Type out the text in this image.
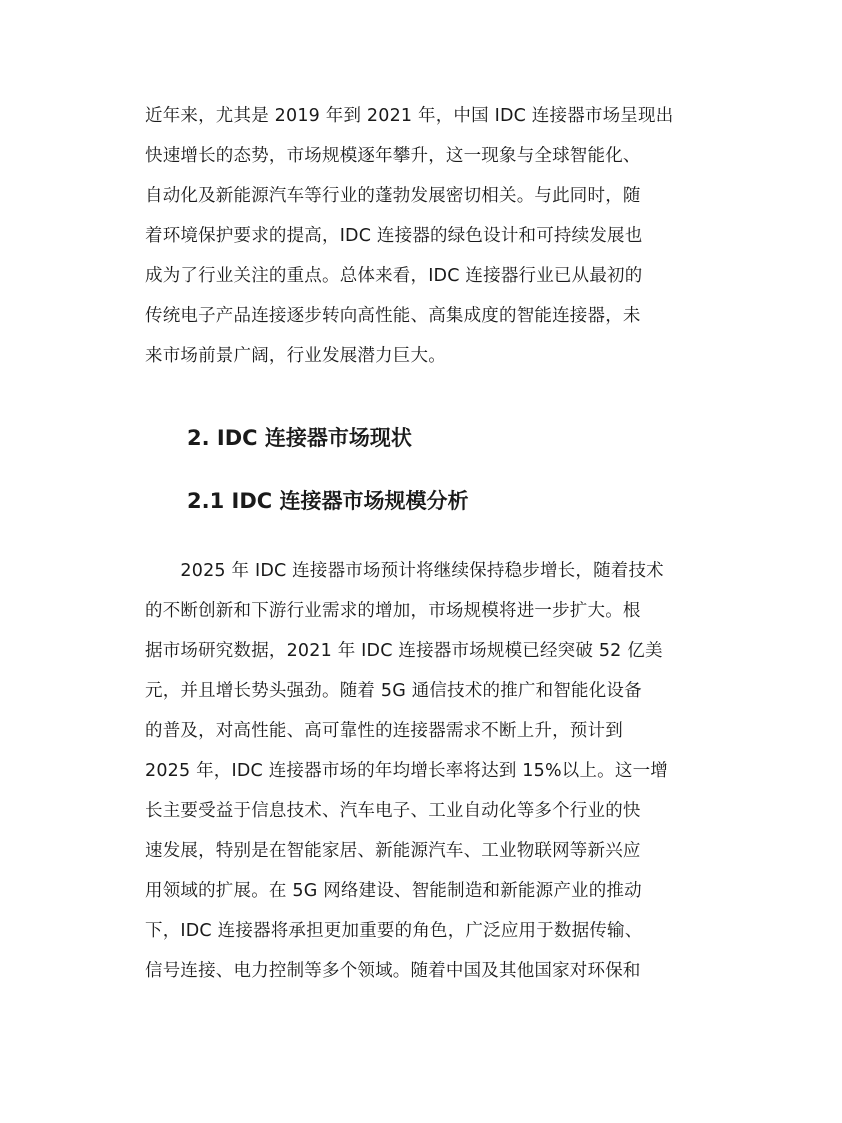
近年来，尤其是 2019 年到 2021 年，中国 IDC 连接器市场呈现出
快速增长的态势，市场规模逐年攀升，这一现象与全球智能化、
自动化及新能源汽车等行业的蓬勃发展密切相关。与此同时，随
着环境保护要求的提高，IDC 连接器的绿色设计和可持续发展也
成为了行业关注的重点。总体来看，IDC 连接器行业已从最初的
传统电子产品连接逐步转向高性能、高集成度的智能连接器，未
来市场前景广阔，行业发展潜力巨大。
2. IDC 连接器市场现状
2.1 IDC 连接器市场规模分析
　　2025 年 IDC 连接器市场预计将继续保持稳步增长，随着技术
的不断创新和下游行业需求的增加，市场规模将进一步扩大。根
据市场研究数据，2021 年 IDC 连接器市场规模已经突破 52 亿美
元，并且增长势头强劲。随着 5G 通信技术的推广和智能化设备
的普及，对高性能、高可靠性的连接器需求不断上升，预计到
2025 年，IDC 连接器市场的年均增长率将达到 15%以上。这一增
长主要受益于信息技术、汽车电子、工业自动化等多个行业的快
速发展，特别是在智能家居、新能源汽车、工业物联网等新兴应
用领域的扩展。在 5G 网络建设、智能制造和新能源产业的推动
下，IDC 连接器将承担更加重要的角色，广泛应用于数据传输、
信号连接、电力控制等多个领域。随着中国及其他国家对环保和
